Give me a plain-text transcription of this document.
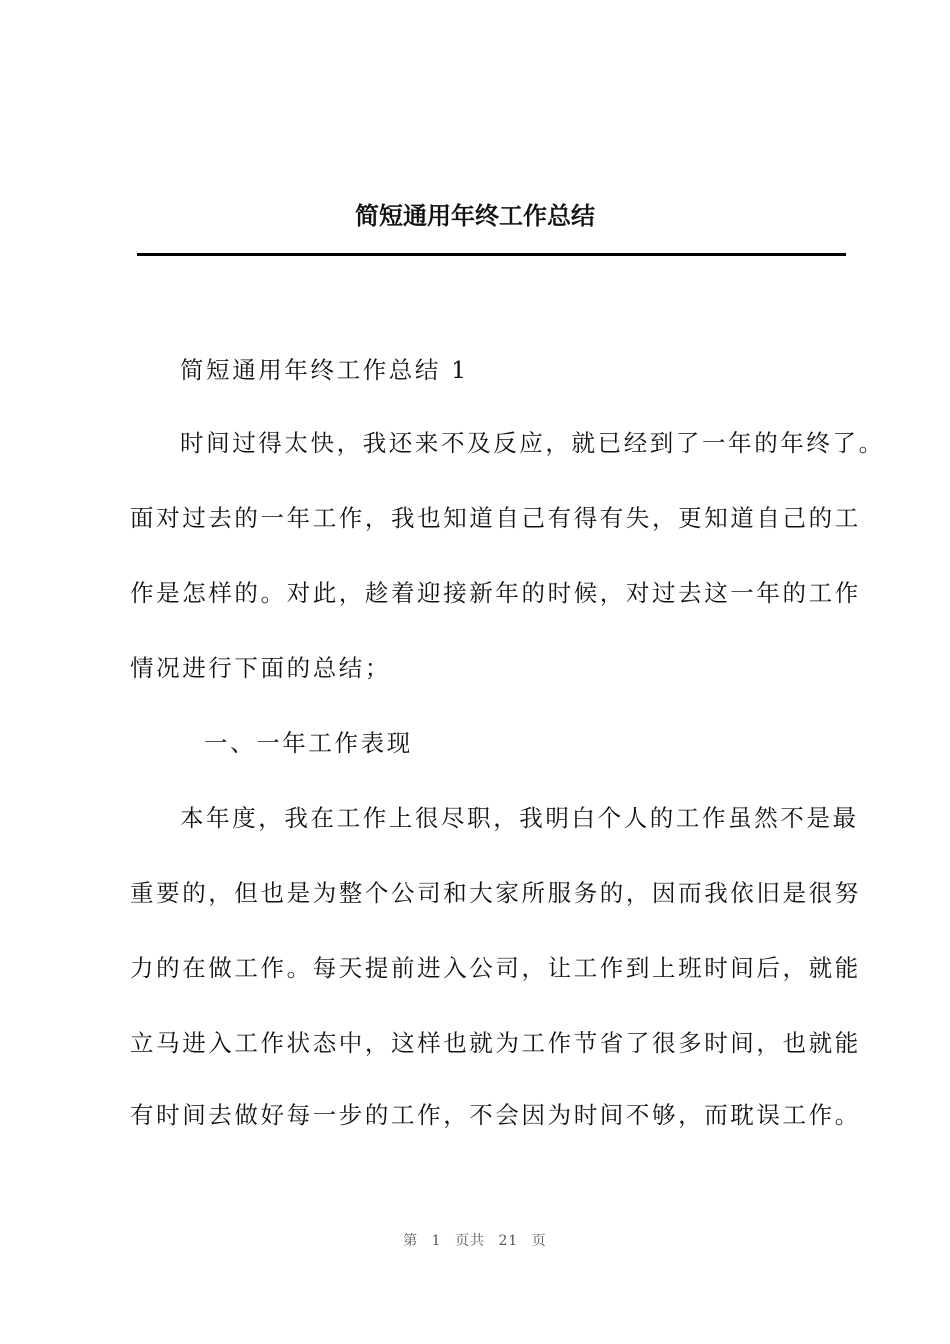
简短通用年终工作总结
简短通用年终工作总结 1
时间过得太快，我还来不及反应，就已经到了一年的年终了。
面对过去的一年工作，我也知道自己有得有失，更知道自己的工
作是怎样的。对此，趁着迎接新年的时候，对过去这一年的工作
情况进行下面的总结；
一、一年工作表现
本年度，我在工作上很尽职，我明白个人的工作虽然不是最
重要的，但也是为整个公司和大家所服务的，因而我依旧是很努
力的在做工作。每天提前进入公司，让工作到上班时间后，就能
立马进入工作状态中，这样也就为工作节省了很多时间，也就能
有时间去做好每一步的工作，不会因为时间不够，而耽误工作。
第 1 页共 21 页
